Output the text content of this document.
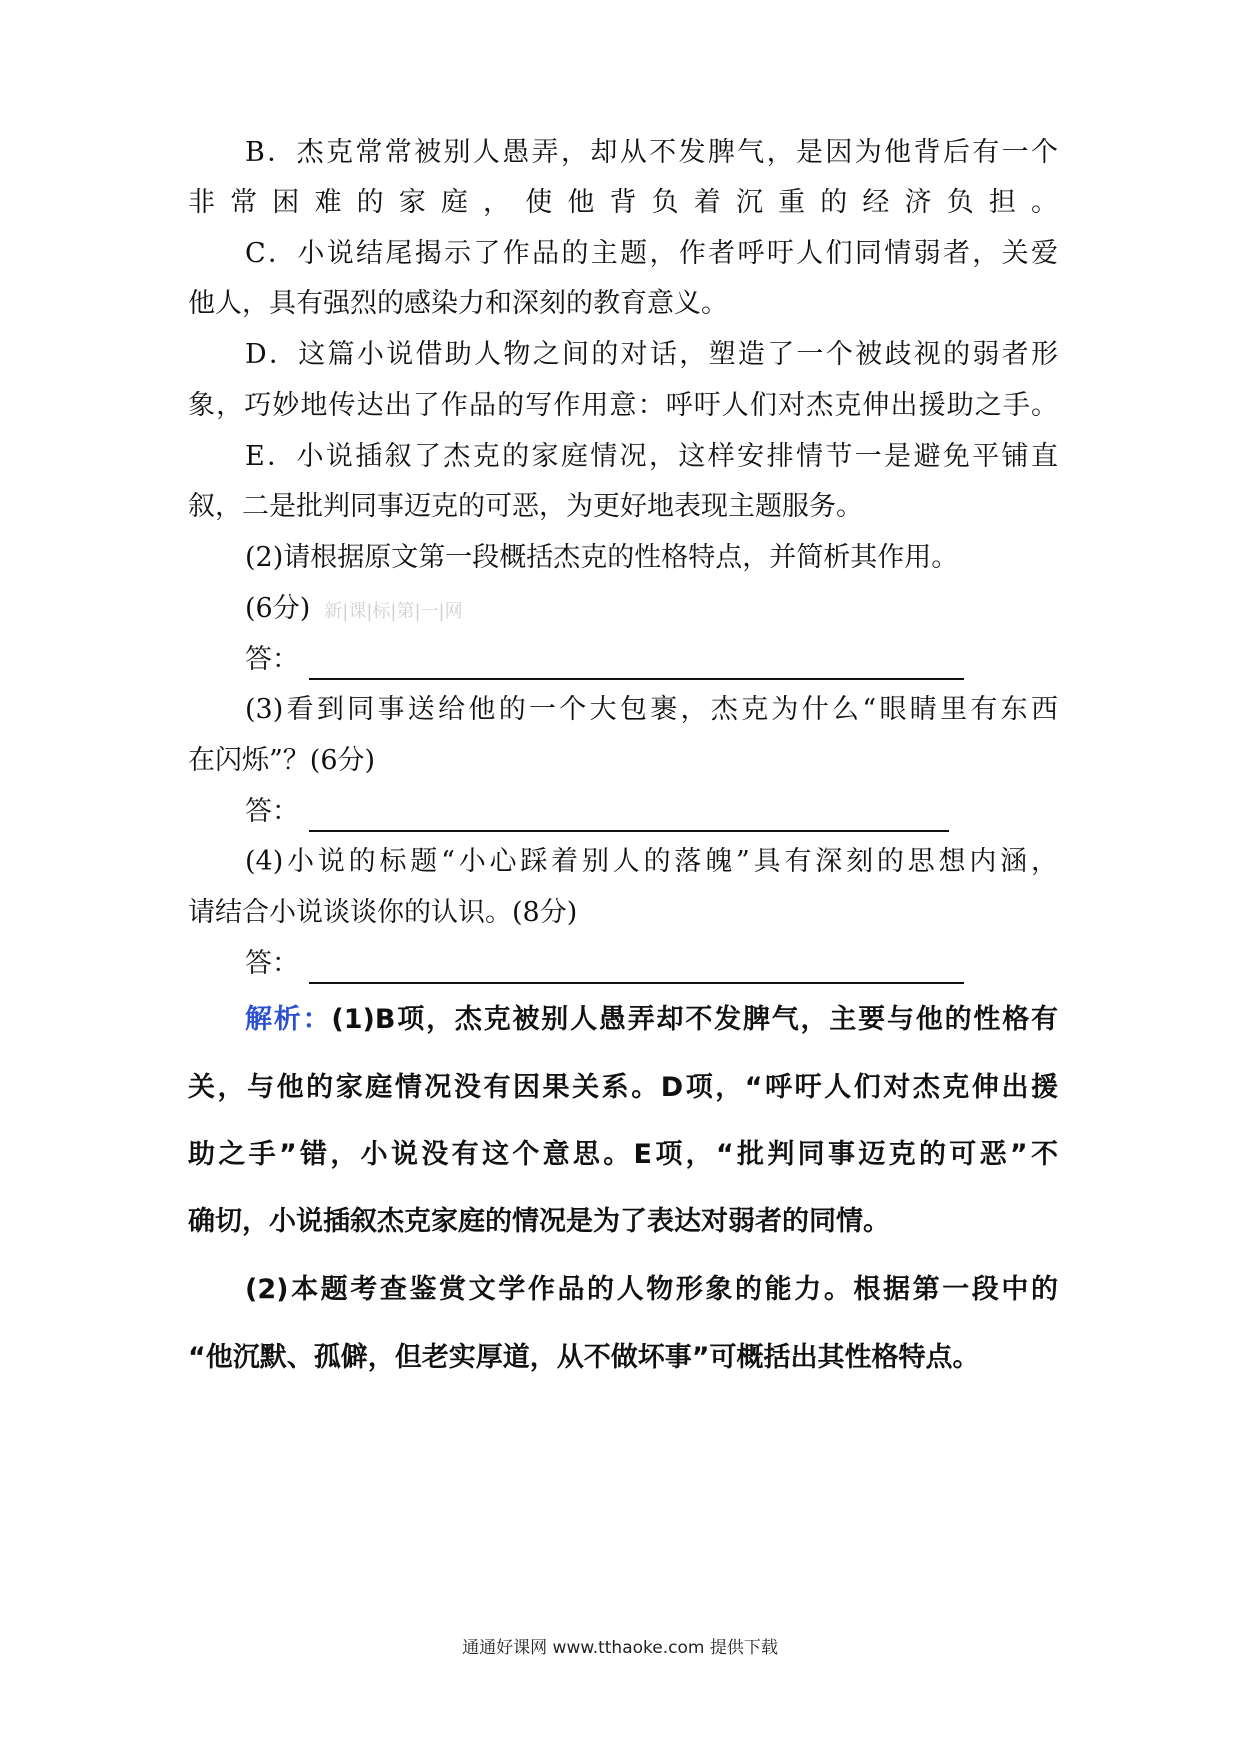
B．杰克常常被别人愚弄，却从不发脾气，是因为他背后有一个
非常困难的家庭，使他背负着沉重的经济负担。
C．小说结尾揭示了作品的主题，作者呼吁人们同情弱者，关爱
他人，具有强烈的感染力和深刻的教育意义。
D．这篇小说借助人物之间的对话，塑造了一个被歧视的弱者形
象，巧妙地传达出了作品的写作用意：呼吁人们对杰克伸出援助之手。
E．小说插叙了杰克的家庭情况，这样安排情节一是避免平铺直
叙，二是批判同事迈克的可恶，为更好地表现主题服务。
(2)请根据原文第一段概括杰克的性格特点，并简析其作用。
(6分) 新|课|标|第|一|网
答：
(3)看到同事送给他的一个大包裹，杰克为什么“眼睛里有东西
在闪烁”？(6分)
答：
(4)小说的标题“小心踩着别人的落魄”具有深刻的思想内涵，
请结合小说谈谈你的认识。(8分)
答：
解析：(1)B项，杰克被别人愚弄却不发脾气，主要与他的性格有
关，与他的家庭情况没有因果关系。D项，“呼吁人们对杰克伸出援
助之手”错，小说没有这个意思。E项，“批判同事迈克的可恶”不
确切，小说插叙杰克家庭的情况是为了表达对弱者的同情。
(2)本题考查鉴赏文学作品的人物形象的能力。根据第一段中的
“他沉默、孤僻，但老实厚道，从不做坏事”可概括出其性格特点。
通通好课网 www.tthaoke.com 提供下载
